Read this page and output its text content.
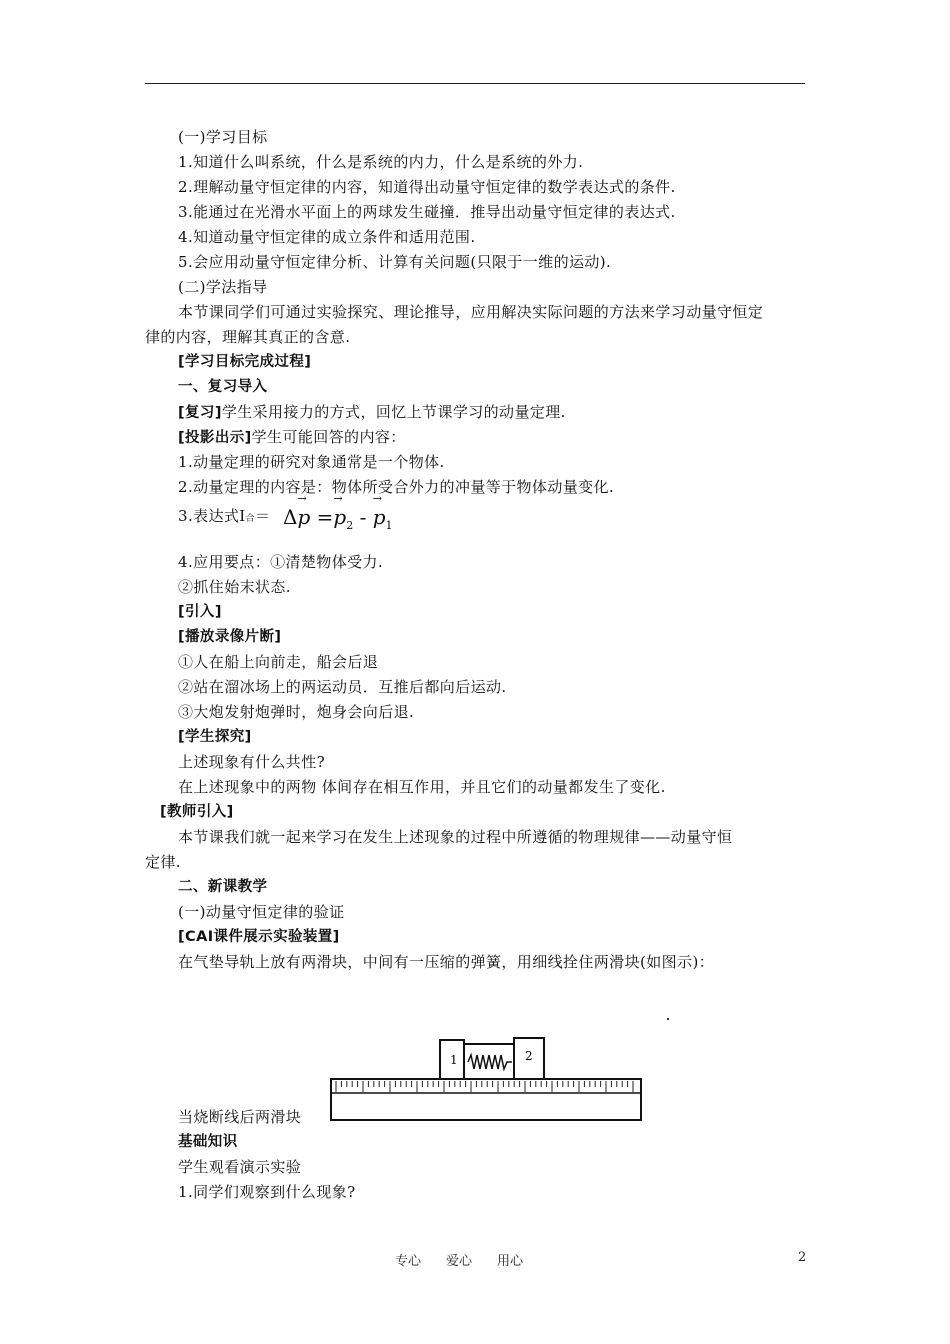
(一)学习目标
1.知道什么叫系统，什么是系统的内力，什么是系统的外力.
2.理解动量守恒定律的内容，知道得出动量守恒定律的数学表达式的条件.
3.能通过在光滑水平面上的两球发生碰撞．推导出动量守恒定律的表达式.
4.知道动量守恒定律的成立条件和适用范围.
5.会应用动量守恒定律分析、计算有关问题(只限于一维的运动).
(二)学法指导
本节课同学们可通过实验探究、理论推导，应用解决实际问题的方法来学习动量守恒定
律的内容，理解其真正的含意.
[学习目标完成过程]
一、复习导入
[复习]学生采用接力的方式，回忆上节课学习的动量定理.
[投影出示]学生可能回答的内容：
1.动量定理的研究对象通常是一个物体.
2.动量定理的内容是：物体所受合外力的冲量等于物体动量变化.
3.表达式I合＝ $\Delta\to p =\to p_2$ - → $p_1$
4.应用要点：①清楚物体受力.
②抓住始末状态.
[引入]
[播放录像片断]
①人在船上向前走，船会后退
②站在溜冰场上的两运动员．互推后都向后运动.
③大炮发射炮弹时，炮身会向后退.
[学生探究]
上述现象有什么共性?
在上述现象中的两物 体间存在相互作用，并且它们的动量都发生了变化.
[教师引入]
本节课我们就一起来学习在发生上述现象的过程中所遵循的物理规律——动量守恒
定律.
二、新课教学
(一)动量守恒定律的验证
[CAI课件展示实验装置]
在气垫导轨上放有两滑块，中间有一压缩的弹簧，用细线拴住两滑块(如图示)：
1	2
当烧断线后两滑块
基础知识
学生观看演示实验
1.同学们观察到什么现象?
专心 爱心 用心	2
